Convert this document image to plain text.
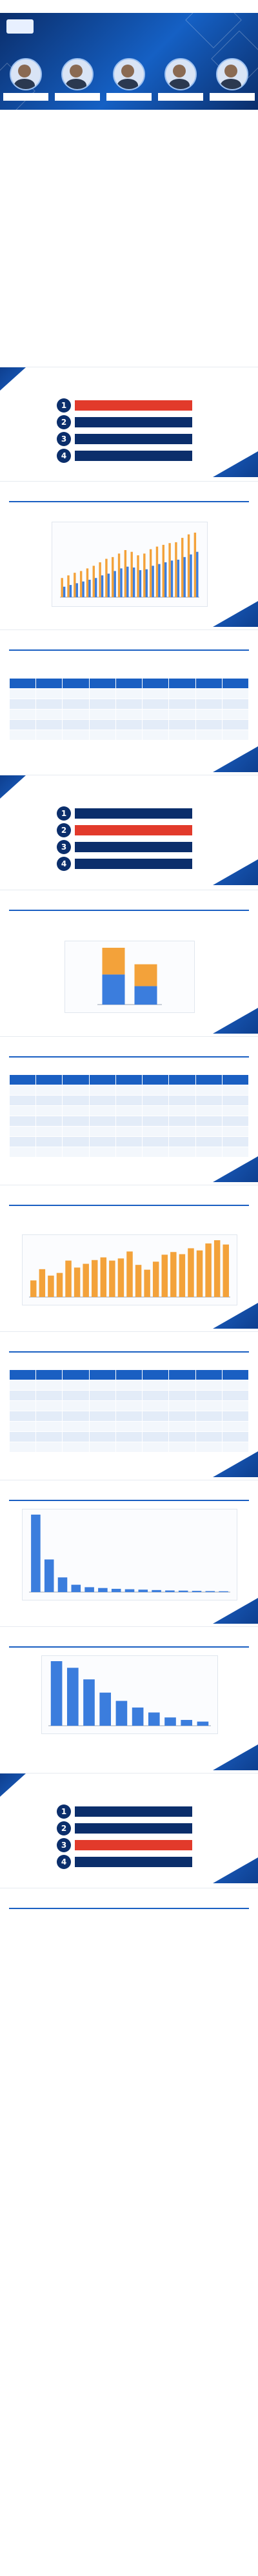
1
2
3
4

1
2
3
4

1
2
3
4
